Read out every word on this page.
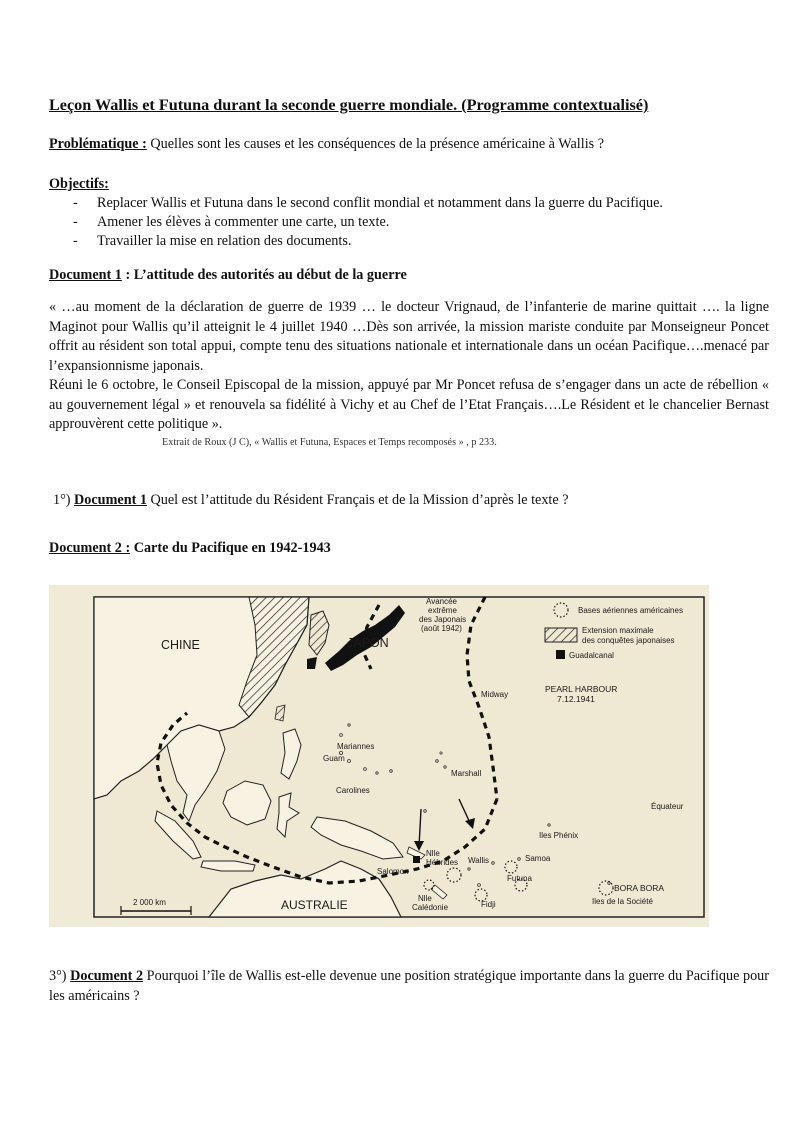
Leçon Wallis et Futuna durant la seconde guerre mondiale. (Programme contextualisé)
Problématique : Quelles sont les causes et les conséquences de la présence américaine à Wallis ?
Objectifs:
- Replacer Wallis et Futuna dans le second conflit mondial et notamment dans la guerre du Pacifique.
- Amener les élèves à commenter une carte, un texte.
- Travailler la mise en relation des documents.
Document 1 : L’attitude des autorités au début de la guerre

« …au moment de la déclaration de guerre de 1939 … le docteur Vrignaud, de l’infanterie de marine quittait …. la ligne Maginot pour Wallis qu’il atteignit le 4 juillet 1940 …Dès son arrivée, la mission mariste conduite par Monseigneur Poncet offrit au résident son total appui, compte tenu des situations nationale et internationale dans un océan Pacifique….menacé par l’expansionnisme japonais.

Réuni le 6 octobre, le Conseil Episcopal de la mission, appuyé par Mr Poncet refusa de s’engager dans un acte de rébellion « au gouvernement légal » et renouvela sa fidélité à Vichy et au Chef de l’Etat Français….Le Résident et le chancelier Bernast approuvèrent cette politique ».

Extrait de Roux (J C), « Wallis et Futuna, Espaces et Temps recomposés » , p 233.
1°) Document 1 Quel est l’attitude du Résident Français et de la Mission d’après le texte ?
Document 2 : Carte du Pacifique en 1942-1943
Bases aériennes américaines
Extension maximale
des conquêtes japonaises
Guadalcanal
CHINE	JAPON
Avancée
extrême
des Japonais
(août 1942)
Midway
PEARL HARBOUR
7.12.1941
Mariannes
Guam
Marshall
Carolines
Équateur
Iles Phénix
Nlle
Hébrides
Salomon
Wallis	Samoa
Futuna
BORA BORA
Iles de la Société
Fidji
Nlle
Calédonie
AUSTRALIE
2 000 km
3°) Document 2 Pourquoi l’île de Wallis est-elle devenue une position stratégique importante dans la guerre du Pacifique pour les américains ?
